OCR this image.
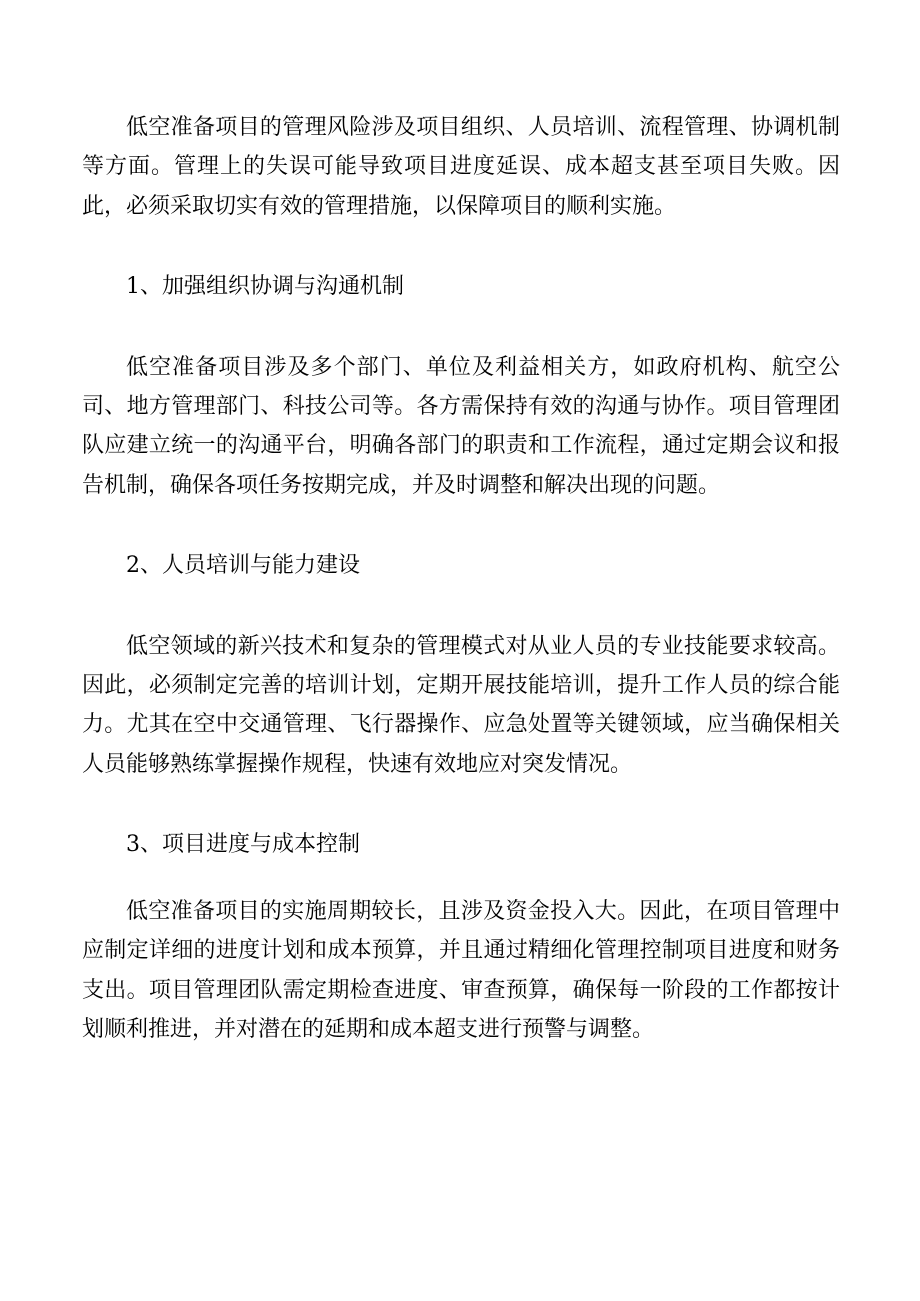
低空准备项目的管理风险涉及项目组织、人员培训、流程管理、协调机制等方面。管理上的失误可能导致项目进度延误、成本超支甚至项目失败。因此，必须采取切实有效的管理措施，以保障项目的顺利实施。

1、加强组织协调与沟通机制

低空准备项目涉及多个部门、单位及利益相关方，如政府机构、航空公司、地方管理部门、科技公司等。各方需保持有效的沟通与协作。项目管理团队应建立统一的沟通平台，明确各部门的职责和工作流程，通过定期会议和报告机制，确保各项任务按期完成，并及时调整和解决出现的问题。

2、人员培训与能力建设

低空领域的新兴技术和复杂的管理模式对从业人员的专业技能要求较高。因此，必须制定完善的培训计划，定期开展技能培训，提升工作人员的综合能力。尤其在空中交通管理、飞行器操作、应急处置等关键领域，应当确保相关人员能够熟练掌握操作规程，快速有效地应对突发情况。

3、项目进度与成本控制

低空准备项目的实施周期较长，且涉及资金投入大。因此，在项目管理中应制定详细的进度计划和成本预算，并且通过精细化管理控制项目进度和财务支出。项目管理团队需定期检查进度、审查预算，确保每一阶段的工作都按计划顺利推进，并对潜在的延期和成本超支进行预警与调整。
